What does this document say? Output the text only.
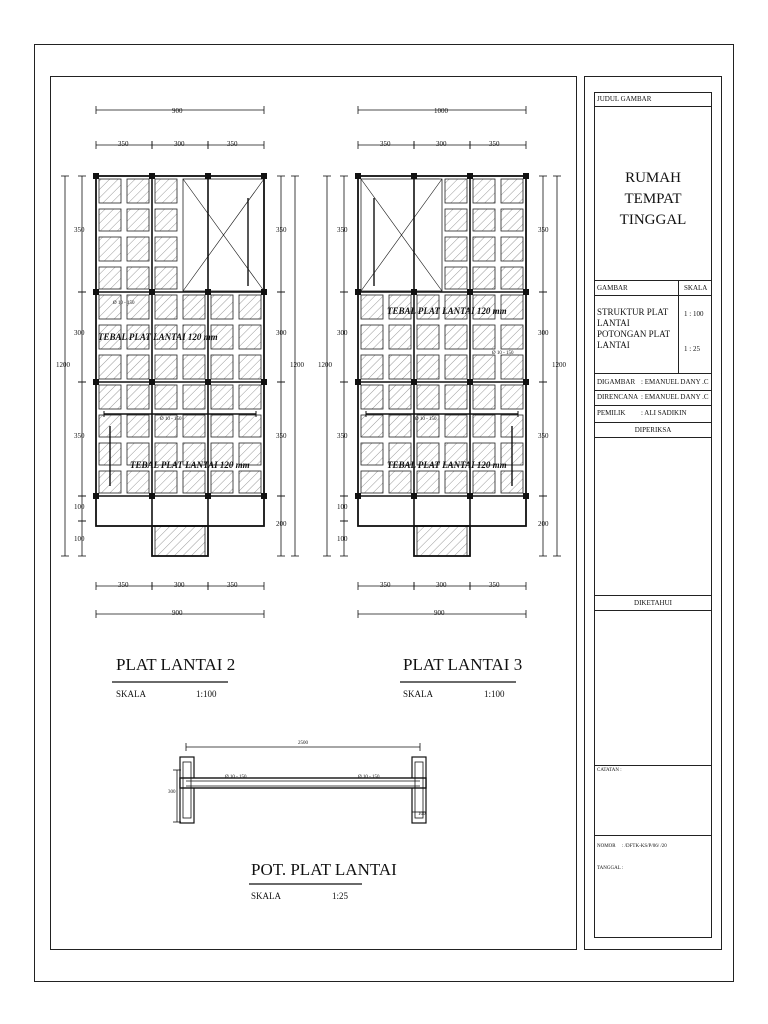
900
350	300	350
350	300	350
900
1200
350
300
350
100
100
350
300
350
200
1200
TEBAL PLAT LANTAI 120 mm
TEBAL PLAT LANTAI 120 mm
Ø 10 - 150
Ø 10 - 150
PLAT LANTAI 2
SKALA	1:100
1000
350	300	350
350	300	350
900
1200
350
300
350
100
100
350
300
350
200
1200
TEBAL PLAT LANTAI 120 mm
TEBAL PLAT LANTAI 120 mm
Ø 10 - 150
Ø 10 - 150
PLAT LANTAI 3
SKALA	1:100
2500
Ø 10 - 150	Ø 10 - 150
300
100
POT. PLAT LANTAI
SKALA	1:25
JUDUL GAMBAR
RUMAH
TEMPAT TINGGAL
GAMBAR	SKALA
STRUKTUR PLAT
LANTAI
POTONGAN PLAT
LANTAI
1 : 100
1 : 25
DIGAMBAR : EMANUEL DANY .C
DIRENCANA : EMANUEL DANY .C
PEMILIK : ALI SADIKIN
DIPERIKSA
DIKETAHUI
CATATAN :
NOMOR : /DFTK-KS/P/06/ /20
TANGGAL :
